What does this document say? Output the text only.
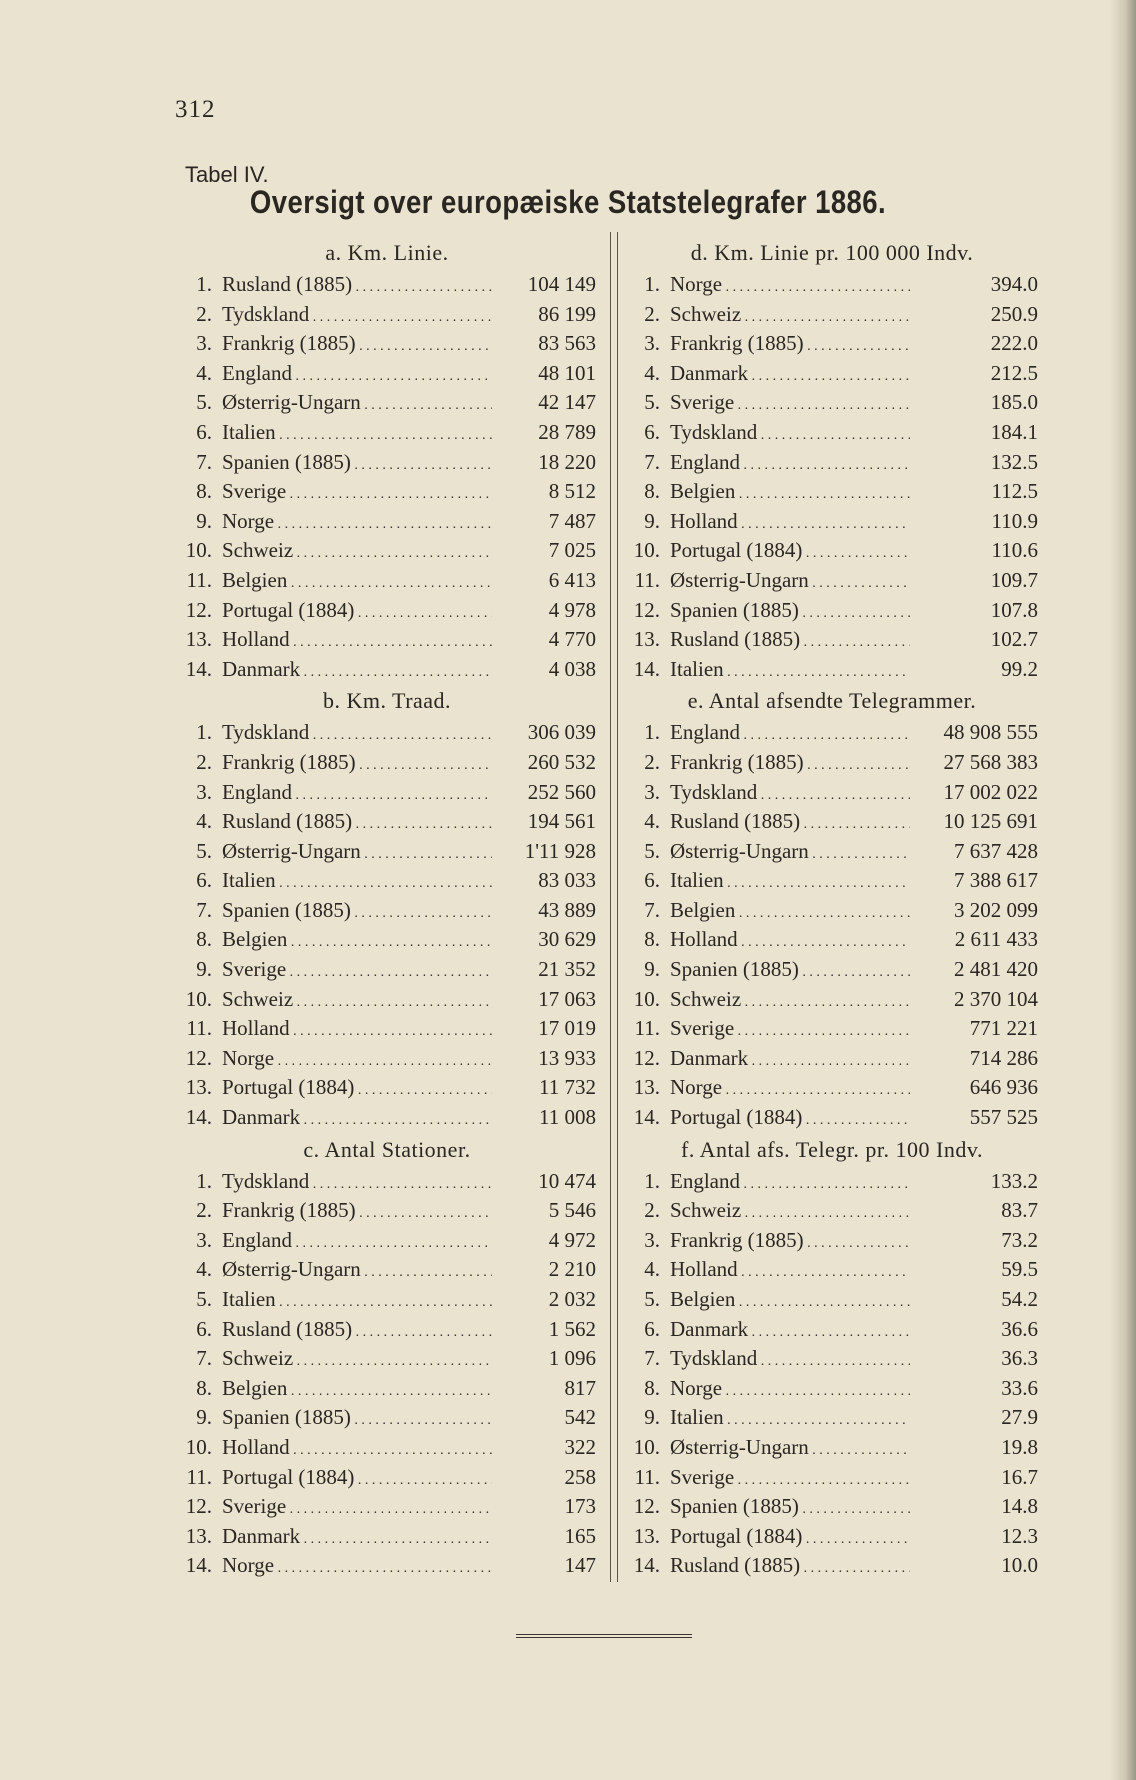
312
Tabel IV.
Oversigt over europæiske Statstelegrafer 1886.
a. Km. Linie.
1. Rusland (1885) . . .	104 149
2. Tydskland . . .	86 199
3. Frankrig (1885) . . .	83 563
4. England . . .	48 101
5. Østerrig-Ungarn . . .	42 147
6. Italien . . .	28 789
7. Spanien (1885) . . .	18 220
8. Sverige . . .	8 512
9. Norge . . .	7 487
10. Schweiz . . .	7 025
11. Belgien . . .	6 413
12. Portugal (1884) . . .	4 978
13. Holland . . .	4 770
14. Danmark . . .	4 038
b. Km. Traad.
1. Tydskland . . .	306 039
2. Frankrig (1885) . . .	260 532
3. England . . .	252 560
4. Rusland (1885) . . .	194 561
5. Østerrig-Ungarn . . .	1'11 928
6. Italien . . .	83 033
7. Spanien (1885) . . .	43 889
8. Belgien . . .	30 629
9. Sverige . . .	21 352
10. Schweiz . . .	17 063
11. Holland . . .	17 019
12. Norge . . .	13 933
13. Portugal (1884) . . .	11 732
14. Danmark . . .	11 008
c. Antal Stationer.
1. Tydskland . . .	10 474
2. Frankrig (1885) . . .	5 546
3. England . . .	4 972
4. Østerrig-Ungarn . . .	2 210
5. Italien . . .	2 032
6. Rusland (1885) . . .	1 562
7. Schweiz . . .	1 096
8. Belgien . . .	817
9. Spanien (1885) . . .	542
10. Holland . . .	322
11. Portugal (1884) . . .	258
12. Sverige . . .	173
13. Danmark . . .	165
14. Norge . . .	147
d. Km. Linie pr. 100 000 Indv.
1. Norge . . .	394.0
2. Schweiz . . .	250.9
3. Frankrig (1885) . . .	222.0
4. Danmark . . .	212.5
5. Sverige . . .	185.0
6. Tydskland . . .	184.1
7. England . . .	132.5
8. Belgien . . .	112.5
9. Holland . . .	110.9
10. Portugal (1884) . . .	110.6
11. Østerrig-Ungarn . . .	109.7
12. Spanien (1885) . . .	107.8
13. Rusland (1885) . . .	102.7
14. Italien . . .	99.2
e. Antal afsendte Telegrammer.
1. England . . .	48 908 555
2. Frankrig (1885) . . .	27 568 383
3. Tydskland . . .	17 002 022
4. Rusland (1885) . . .	10 125 691
5. Østerrig-Ungarn . . .	7 637 428
6. Italien . . .	7 388 617
7. Belgien . . .	3 202 099
8. Holland . . .	2 611 433
9. Spanien (1885) . . .	2 481 420
10. Schweiz . . .	2 370 104
11. Sverige . . .	771 221
12. Danmark . . .	714 286
13. Norge . . .	646 936
14. Portugal (1884) . . .	557 525
f. Antal afs. Telegr. pr. 100 Indv.
1. England . . .	133.2
2. Schweiz . . .	83.7
3. Frankrig (1885) . . .	73.2
4. Holland . . .	59.5
5. Belgien . . .	54.2
6. Danmark . . .	36.6
7. Tydskland . . .	36.3
8. Norge . . .	33.6
9. Italien . . .	27.9
10. Østerrig-Ungarn . . .	19.8
11. Sverige . . .	16.7
12. Spanien (1885) . . .	14.8
13. Portugal (1884) . . .	12.3
14. Rusland (1885) . . .	10.0
